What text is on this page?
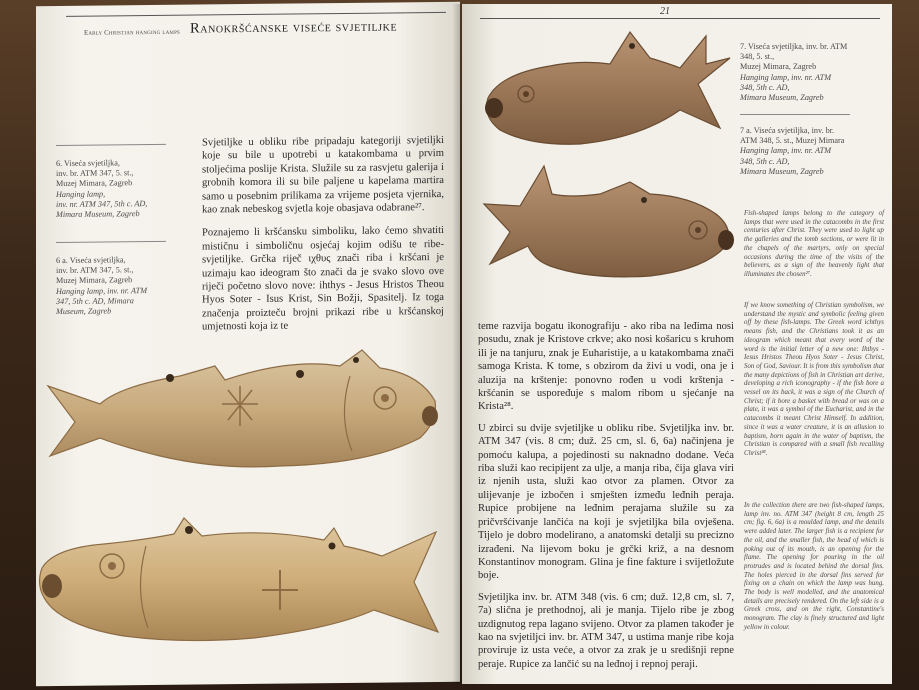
Early Christian hanging lamps Ranokršćanske viseće svjetiljke
6. Viseća svjetiljka,
inv. br. ATM 347, 5. st.,
Muzej Mimara, Zagreb
Hanging lamp,
inv. nr. ATM 347, 5th c. AD,
Mimara Museum, Zagreb
6 a. Viseća svjetiljka,
inv. br. ATM 347, 5. st.,
Muzej Mimara, Zagreb
Hanging lamp, inv. nr. ATM
347, 5th c. AD, Mimara
Museum, Zagreb

Svjetiljke u obliku ribe pripadaju kategoriji svjetiljki koje su bile u upotrebi u katakombama u prvim stoljećima poslije Krista. Služile su za rasvjetu galerija i grobnih komora ili su bile paljene u kapelama martira samo u posebnim prilikama za vrijeme posjeta vjernika, kao znak nebeskog svjetla koje obasjava odabrane²⁷.

Poznajemo li kršćansku simboliku, lako ćemo shvatiti mističnu i simboličnu osjećaj kojim odišu te ribe-svjetiljke. Grčka riječ ιχθυς znači riba i kršćani je uzimaju kao ideogram što znači da je svako slovo ove riječi početno slovo nove: ihthys - Jesus Hristos Theou Hyos Soter - Isus Krist, Sin Božji, Spasitelj. Iz toga značenja proizteču brojni prikazi ribe u kršćanskoj umjetnosti koja iz te

21
7. Viseća svjetiljka, inv. br. ATM
348, 5. st.,
Muzej Mimara, Zagreb
Hanging lamp, inv. nr. ATM
348, 5th c. AD,
Mimara Museum, Zagreb
7 a. Viseća svjetiljka, inv. br.
ATM 348, 5. st., Muzej Mimara
Hanging lamp, inv. nr. ATM
348, 5th c. AD,
Mimara Museum, Zagreb
Fish-shaped lamps belong to the category of lamps that were used in the catacombs in the first centuries after Christ. They were used to light up the galleries and the tomb sections, or were lit in the chapels of the martyrs, only on special occasions during the time of the visits of the believers, as a sign of the heavenly light that illuminates the chosen²⁷.
If we know something of Christian symbolism, we understand the mystic and symbolic feeling given off by these fish-lamps. The Greek word ichthys means fish, and the Christians took it as an ideogram which meant that every word of the word is the initial letter of a new one: Ihthys - Iesus Hristos Theou Hyos Soter - Jesus Christ, Son of God, Saviour. It is from this symbolism that the many depictions of fish in Christian art derive, developing a rich iconography - if the fish bore a vessel on its back, it was a sign of the Church of Christ; if it bore a basket with bread or was on a plate, it was a symbol of the Eucharist, and in the catacombs it meant Christ Himself. In addition, since it was a water creature, it is an allusion to baptism, born again in the water of baptism, the Christian is compared with a small fish recalling Christ²⁸.
In the collection there are two fish-shaped lamps, lamp inv. no. ATM 347 (height 8 cm, length 25 cm; fig. 6, 6a) is a moulded lamp, and the details were added later. The larger fish is a recipient for the oil, and the smaller fish, the head of which is poking out of its mouth, is an opening for the flame. The opening for pouring in the oil protrudes and is located behind the dorsal fins. The holes pierced in the dorsal fins served for fixing on a chain on which the lamp was hung. The body is well modelled, and the anatomical details are precisely rendered. On the left side is a Greek cross, and on the right, Constantine's monogram. The clay is finely structured and light yellow in colour.

teme razvija bogatu ikonografiju - ako riba na leđima nosi posudu, znak je Kristove crkve; ako nosi košaricu s kruhom ili je na tanjuru, znak je Euharistije, a u katakombama znači samoga Krista. K tome, s obzirom da živi u vodi, ona je i aluzija na krštenje: ponovno rođen u vodi krštenja - kršćanin se uspoređuje s malom ribom u sjećanje na Krista²⁸.

U zbirci su dvije svjetiljke u obliku ribe. Svjetiljka inv. br. ATM 347 (vis. 8 cm; duž. 25 cm, sl. 6, 6a) načinjena je pomoću kalupa, a pojedinosti su naknadno dodane. Veća riba služi kao recipijent za ulje, a manja riba, čija glava viri iz njenih usta, služi kao otvor za plamen. Otvor za ulijevanje je izbočen i smješten između leđnih peraja. Rupice probijene na leđnim perajama služile su za pričvršćivanje lančića na koji je svjetiljka bila ovješena. Tijelo je dobro modelirano, a anatomski detalji su precizno izrađeni. Na lijevom boku je grčki križ, a na desnom Konstantinov monogram. Glina je fine fakture i svijetložute boje.

Svjetiljka inv. br. ATM 348 (vis. 6 cm; duž. 12,8 cm, sl. 7, 7a) slična je prethodnoj, ali je manja. Tijelo ribe je zbog uzdignutog repa lagano svijeno. Otvor za plamen također je kao na svjetiljci inv. br. ATM 347, u ustima manje ribe koja proviruje iz usta veće, a otvor za zrak je u središnji repne peraje. Rupice za lančić su na leđnoj i repnoj peraji.
